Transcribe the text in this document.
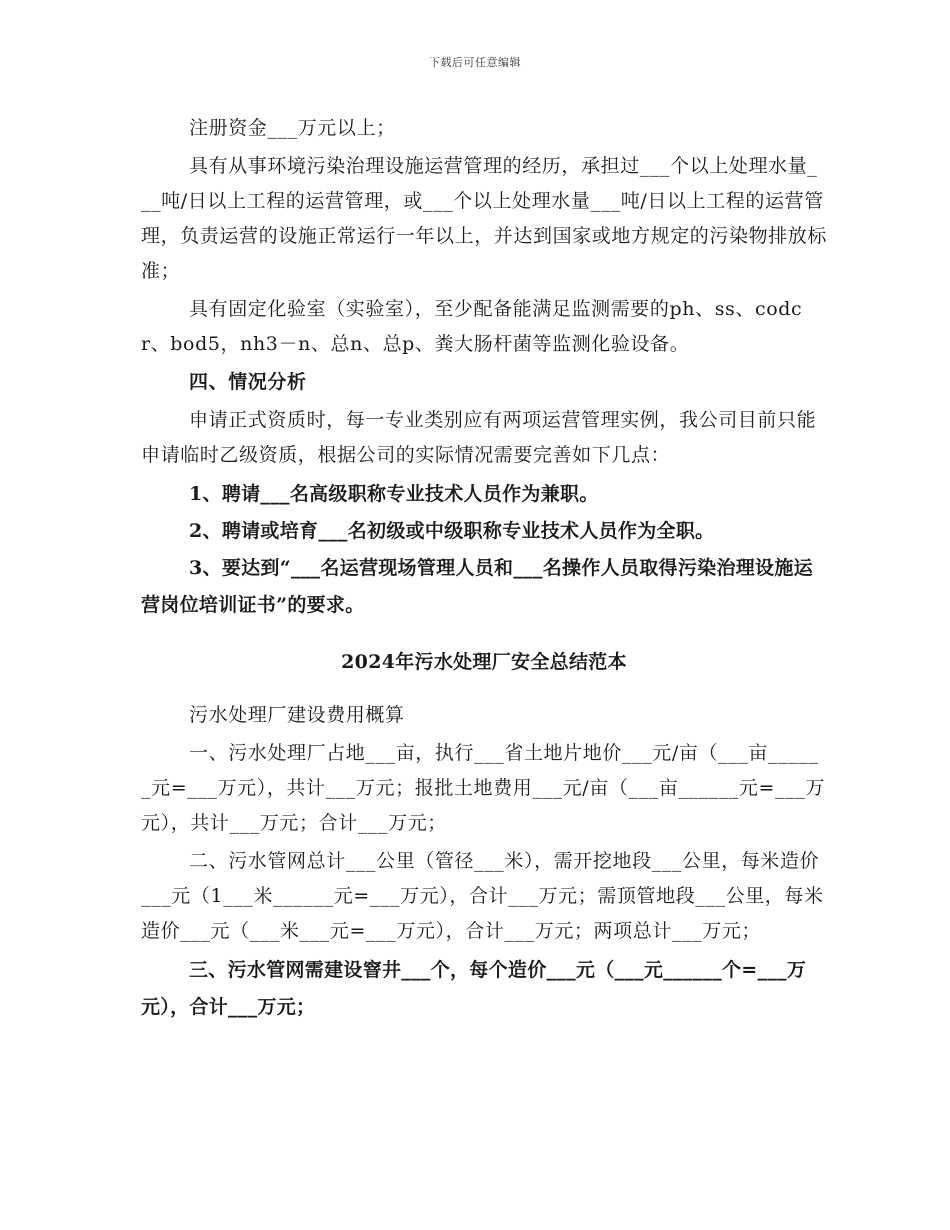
下载后可任意编辑

注册资金___万元以上；

具有从事环境污染治理设施运营管理的经历，承担过___个以上处理水量___吨/日以上工程的运营管理，或___个以上处理水量___吨/日以上工程的运营管理，负责运营的设施正常运行一年以上，并达到国家或地方规定的污染物排放标准；

具有固定化验室（实验室），至少配备能满足监测需要的ph、ss、codcr、bod5，nh3－n、总n、总p、粪大肠杆菌等监测化验设备。

四、情况分析

申请正式资质时，每一专业类别应有两项运营管理实例，我公司目前只能申请临时乙级资质，根据公司的实际情况需要完善如下几点：

1、聘请___名高级职称专业技术人员作为兼职。

2、聘请或培育___名初级或中级职称专业技术人员作为全职。

3、要达到“___名运营现场管理人员和___名操作人员取得污染治理设施运营岗位培训证书”的要求。

2024年污水处理厂安全总结范本

污水处理厂建设费用概算

一、污水处理厂占地___亩，执行___省土地片地价___元/亩（___亩______元=___万元），共计___万元；报批土地费用___元/亩（___亩______元=___万元），共计___万元；合计___万元；

二、污水管网总计___公里（管径___米），需开挖地段___公里，每米造价___元（1___米______元=___万元），合计___万元；需顶管地段___公里，每米造价___元（___米___元=___万元），合计___万元；两项总计___万元；

三、污水管网需建设窨井___个，每个造价___元（___元______个=___万元），合计___万元；
